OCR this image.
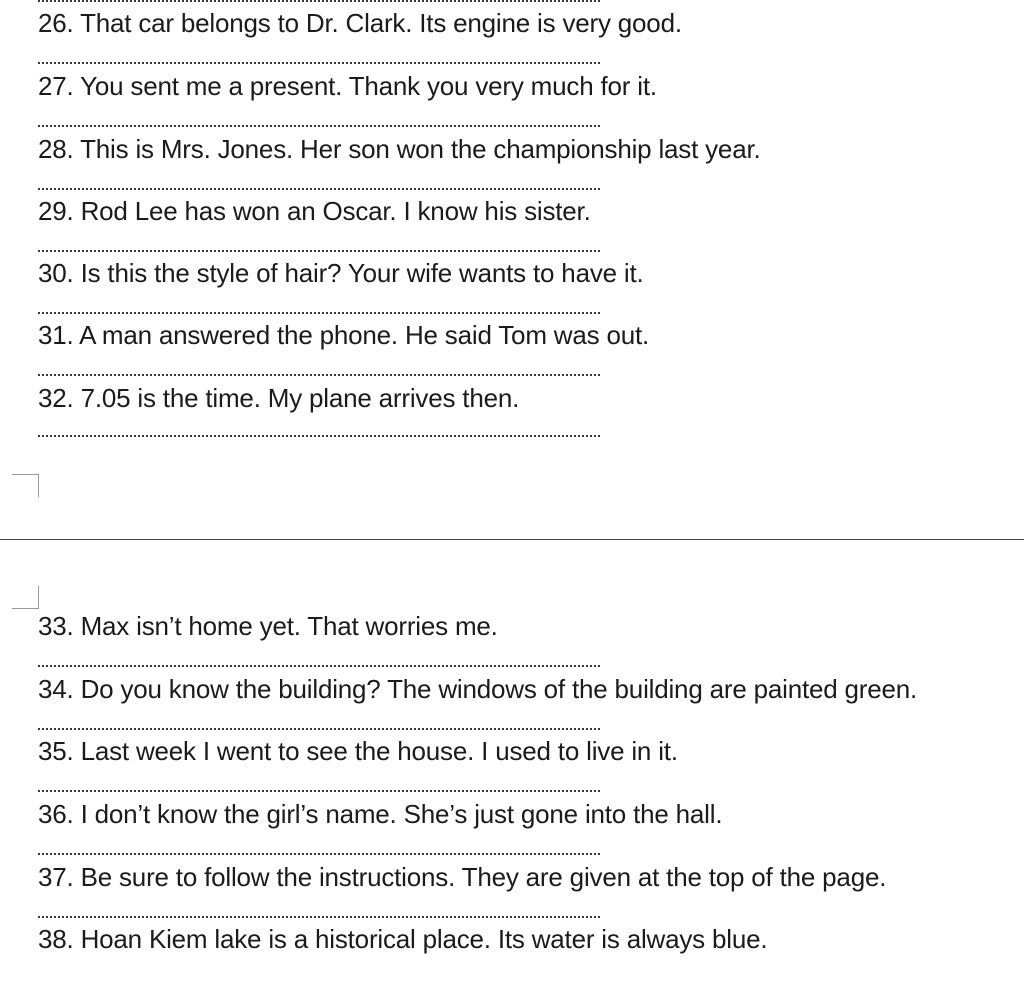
26. That car belongs to Dr. Clark. Its engine is very good.
27. You sent me a present. Thank you very much for it.
28. This is Mrs. Jones. Her son won the championship last year.
29. Rod Lee has won an Oscar. I know his sister.
30. Is this the style of hair? Your wife wants to have it.
31. A man answered the phone. He said Tom was out.
32. 7.05 is the time. My plane arrives then.
33. Max isn’t home yet. That worries me.
34. Do you know the building? The windows of the building are painted green.
35. Last week I went to see the house. I used to live in it.
36. I don’t know the girl’s name. She’s just gone into the hall.
37. Be sure to follow the instructions. They are given at the top of the page.
38. Hoan Kiem lake is a historical place. Its water is always blue.
